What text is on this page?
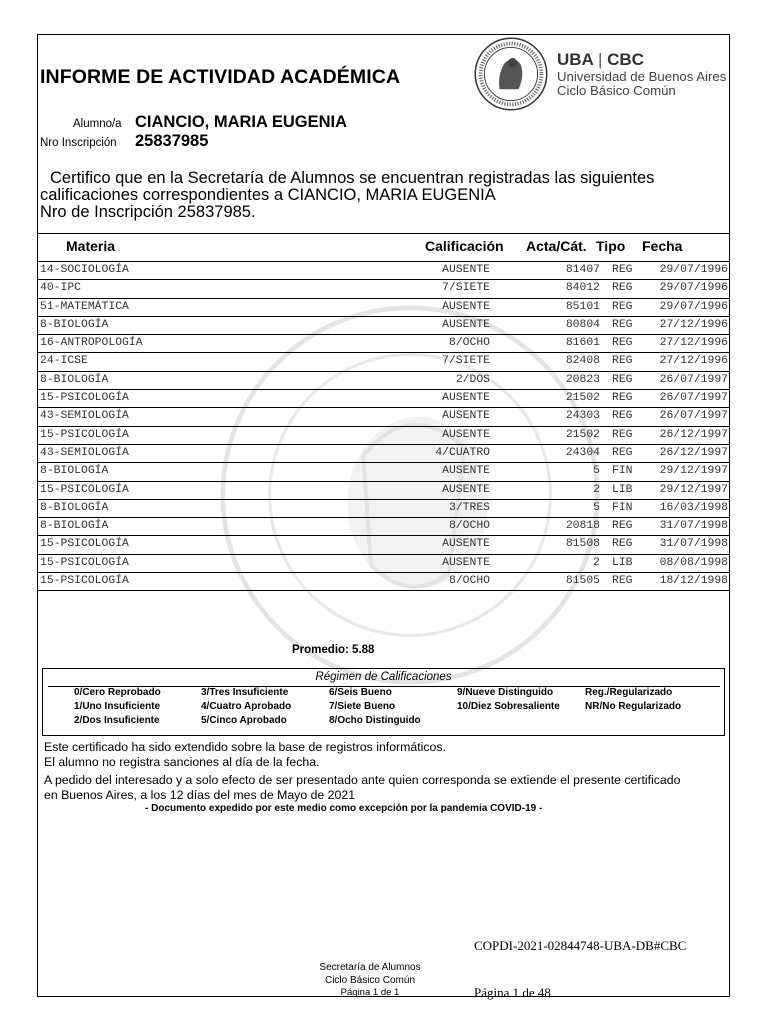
INFORME DE ACTIVIDAD ACADÉMICA
UBA | CBC
Universidad de Buenos Aires
Ciclo Básico Común
Alumno/a CIANCIO, MARIA EUGENIA
Nro Inscripción 25837985
Certifico que en la Secretaría de Alumnos se encuentran registradas las siguientes
calificaciones correspondientes a CIANCIO, MARIA EUGENIA
Nro de Inscripción 25837985.
Materia	Calificación Acta/Cát. Tipo Fecha
14-SOCIOLOGÍA	AUSENTE	81407 REG 29/07/1996
40-IPC	7/SIETE	84012 REG 29/07/1996
51-MATEMÁTICA	AUSENTE	85101 REG 29/07/1996
8-BIOLOGÍA	AUSENTE	80804 REG 27/12/1996
16-ANTROPOLOGÍA	8/OCHO	81601 REG 27/12/1996
24-ICSE	7/SIETE	82408 REG 27/12/1996
8-BIOLOGÍA	2/DOS	20823 REG 26/07/1997
15-PSICOLOGÍA	AUSENTE	21502 REG 26/07/1997
43-SEMIOLOGÍA	AUSENTE	24303 REG 26/07/1997
15-PSICOLOGÍA	AUSENTE	21502 REG 26/12/1997
43-SEMIOLOGÍA	4/CUATRO	24304 REG 26/12/1997
8-BIOLOGÍA	AUSENTE	5 FIN 29/12/1997
15-PSICOLOGÍA	AUSENTE	2 LIB 29/12/1997
8-BIOLOGÍA	3/TRES	5 FIN 16/03/1998
8-BIOLOGÍA	8/OCHO	20818 REG 31/07/1998
15-PSICOLOGÍA	AUSENTE	81508 REG 31/07/1998
15-PSICOLOGÍA	AUSENTE	2 LIB 08/08/1998
15-PSICOLOGÍA	8/OCHO	81505 REG 18/12/1998
Promedio: 5.88
Régimen de Calificaciones
0/Cero Reprobado
1/Uno Insuficiente
2/Dos Insuficiente
3/Tres Insuficiente
4/Cuatro Aprobado
5/Cinco Aprobado
6/Seis Bueno
7/Siete Bueno
8/Ocho Distinguido
9/Nueve Distinguido
10/Diez Sobresaliente
Reg./Regularizado
NR/No Regularizado
Este certificado ha sido extendido sobre la base de registros informáticos.
El alumno no registra sanciones al día de la fecha.
A pedido del interesado y a solo efecto de ser presentado ante quien corresponda se extiende el presente certificado
en Buenos Aires, a los 12 días del mes de Mayo de 2021
- Documento expedido por este medio como excepción por la pandemia COVID-19 -
COPDI-2021-02844748-UBA-DB#CBC
Secretaría de Alumnos
Ciclo Básico Común
Página 1 de 1	Página 1 de 48
